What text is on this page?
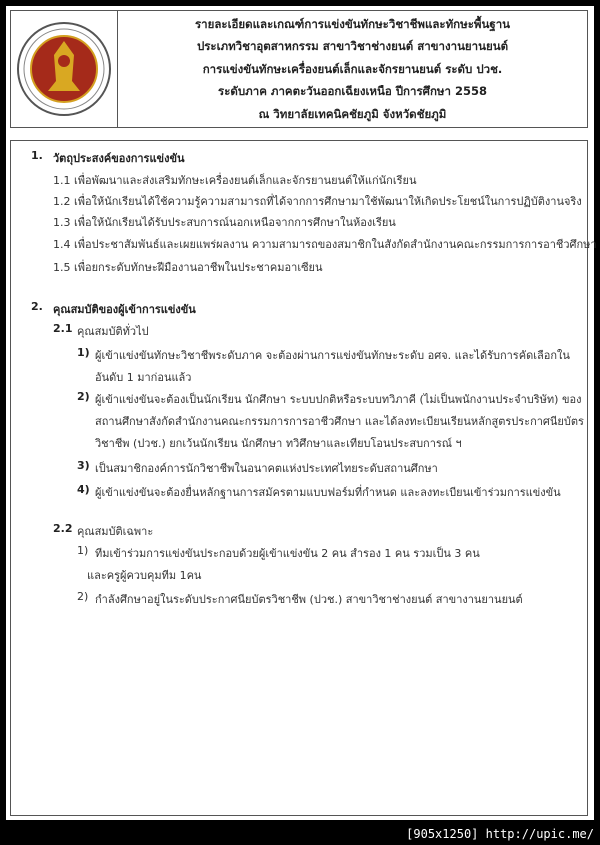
รายละเอียดและเกณฑ์การแข่งขันทักษะวิชาชีพและทักษะพื้นฐาน
ประเภทวิชาอุตสาหกรรม สาขาวิชาช่างยนต์ สาขางานยานยนต์
การแข่งขันทักษะเครื่องยนต์เล็กและจักรยานยนต์ ระดับ ปวช.
ระดับภาค ภาคตะวันออกเฉียงเหนือ ปีการศึกษา 2558
ณ วิทยาลัยเทคนิคชัยภูมิ จังหวัดชัยภูมิ
1. วัตถุประสงค์ของการแข่งขัน
1.1 เพื่อพัฒนาและส่งเสริมทักษะเครื่องยนต์เล็กและจักรยานยนต์ให้แก่นักเรียน
1.2 เพื่อให้นักเรียนได้ใช้ความรู้ความสามารถที่ได้จากการศึกษามาใช้พัฒนาให้เกิดประโยชน์ในการปฏิบัติงานจริง
1.3 เพื่อให้นักเรียนได้รับประสบการณ์นอกเหนือจากการศึกษาในห้องเรียน
1.4 เพื่อประชาสัมพันธ์และเผยแพร่ผลงาน ความสามารถของสมาชิกในสังกัดสำนักงานคณะกรรมการการอาชีวศึกษา
1.5 เพื่อยกระดับทักษะฝีมืองานอาชีพในประชาคมอาเซียน
2. คุณสมบัติของผู้เข้าการแข่งขัน
2.1 คุณสมบัติทั่วไป
1) ผู้เข้าแข่งขันทักษะวิชาชีพระดับภาค จะต้องผ่านการแข่งขันทักษะระดับ อศจ. และได้รับการคัดเลือกใน
อันดับ 1 มาก่อนแล้ว
2) ผู้เข้าแข่งขันจะต้องเป็นนักเรียน นักศึกษา ระบบปกติหรือระบบทวิภาคี (ไม่เป็นพนักงานประจำบริษัท) ของ
สถานศึกษาสังกัดสำนักงานคณะกรรมการการอาชีวศึกษา และได้ลงทะเบียนเรียนหลักสูตรประกาศนียบัตร
วิชาชีพ (ปวช.) ยกเว้นนักเรียน นักศึกษา ทวิศึกษาและเทียบโอนประสบการณ์ ฯ
3) เป็นสมาชิกองค์การนักวิชาชีพในอนาคตแห่งประเทศไทยระดับสถานศึกษา
4) ผู้เข้าแข่งขันจะต้องยื่นหลักฐานการสมัครตามแบบฟอร์มที่กำหนด และลงทะเบียนเข้าร่วมการแข่งขัน
2.2 คุณสมบัติเฉพาะ
1) ทีมเข้าร่วมการแข่งขันประกอบด้วยผู้เข้าแข่งขัน 2 คน สำรอง 1 คน รวมเป็น 3 คน
และครูผู้ควบคุมทีม 1คน
2) กำลังศึกษาอยู่ในระดับประกาศนียบัตรวิชาชีพ (ปวช.) สาขาวิชาช่างยนต์ สาขางานยานยนต์
[905x1250] http://upic.me/
